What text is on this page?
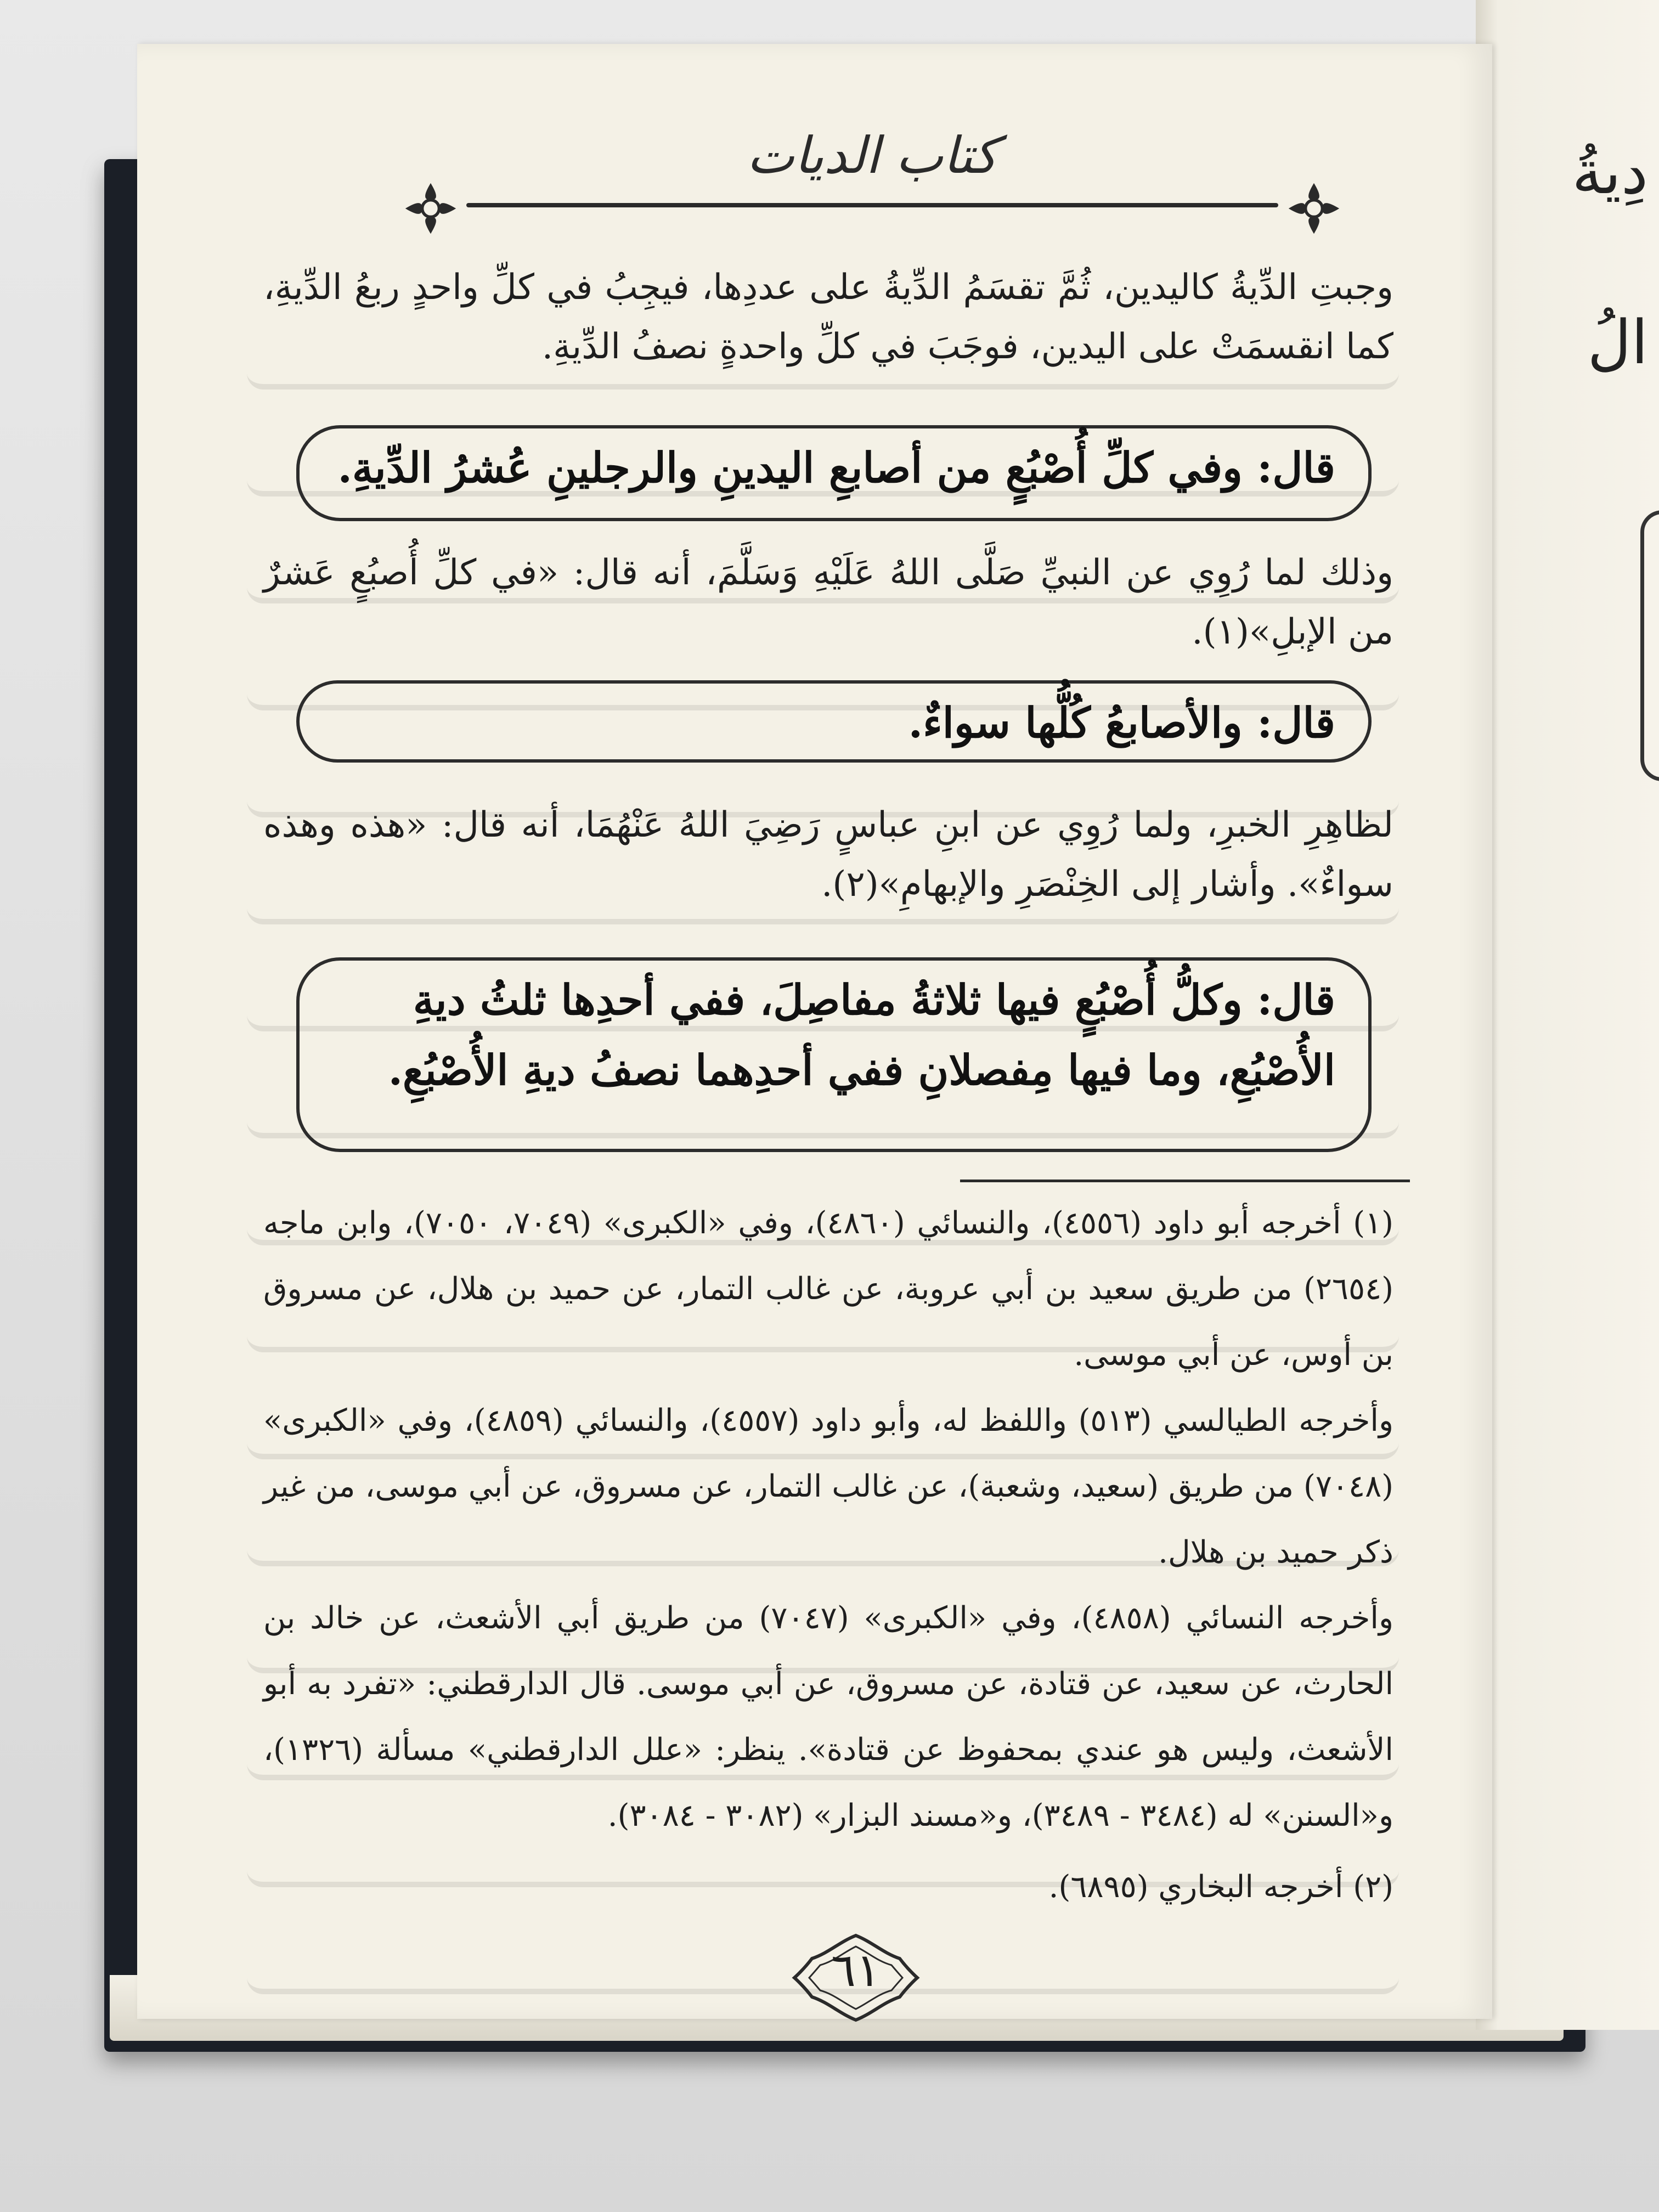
دِيةُ
الُ
كتاب الديات
وجبتِ الدِّيةُ كاليدين، ثُمَّ تقسَمُ الدِّيةُ على عددِها، فيجِبُ في كلِّ واحدٍ ربعُ الدِّيةِ، كما انقسمَتْ على اليدين، فوجَبَ في كلِّ واحدةٍ نصفُ الدِّيةِ.
قال: وفي كلِّ أُصْبُعٍ من أصابعِ اليدينِ والرجلينِ عُشرُ الدِّيةِ.
وذلك لما رُوِي عن النبيِّ صَلَّى اللهُ عَلَيْهِ وَسَلَّمَ، أنه قال: «في كلِّ أُصبُعٍ عَشرٌ من الإبلِ»(١).
قال: والأصابعُ كُلُّها سواءٌ.
لظاهِرِ الخبرِ، ولما رُوِي عن ابنِ عباسٍ رَضِيَ اللهُ عَنْهُمَا، أنه قال: «هذه وهذه سواءٌ». وأشار إلى الخِنْصَرِ والإبهامِ»(٢).
قال: وكلُّ أُصْبُعٍ فيها ثلاثةُ مفاصِلَ، ففي أحدِها ثلثُ ديةِ الأُصْبُعِ، وما فيها مِفصلانِ ففي أحدِهما نصفُ ديةِ الأُصْبُعِ.
(١) أخرجه أبو داود (٤٥٥٦)، والنسائي (٤٨٦٠)، وفي «الكبرى» (٧٠٤٩، ٧٠٥٠)، وابن ماجه (٢٦٥٤) من طريق سعيد بن أبي عروبة، عن غالب التمار، عن حميد بن هلال، عن مسروق بن أوس، عن أبي موسى.
وأخرجه الطيالسي (٥١٣) واللفظ له، وأبو داود (٤٥٥٧)، والنسائي (٤٨٥٩)، وفي «الكبرى» (٧٠٤٨) من طريق (سعيد، وشعبة)، عن غالب التمار، عن مسروق، عن أبي موسى، من غير ذكر حميد بن هلال.
وأخرجه النسائي (٤٨٥٨)، وفي «الكبرى» (٧٠٤٧) من طريق أبي الأشعث، عن خالد بن الحارث، عن سعيد، عن قتادة، عن مسروق، عن أبي موسى. قال الدارقطني: «تفرد به أبو الأشعث، وليس هو عندي بمحفوظ عن قتادة». ينظر: «علل الدارقطني» مسألة (١٣٢٦)، و«السنن» له (٣٤٨٤ - ٣٤٨٩)، و«مسند البزار» (٣٠٨٢ - ٣٠٨٤).
(٢) أخرجه البخاري (٦٨٩٥).
٦١
